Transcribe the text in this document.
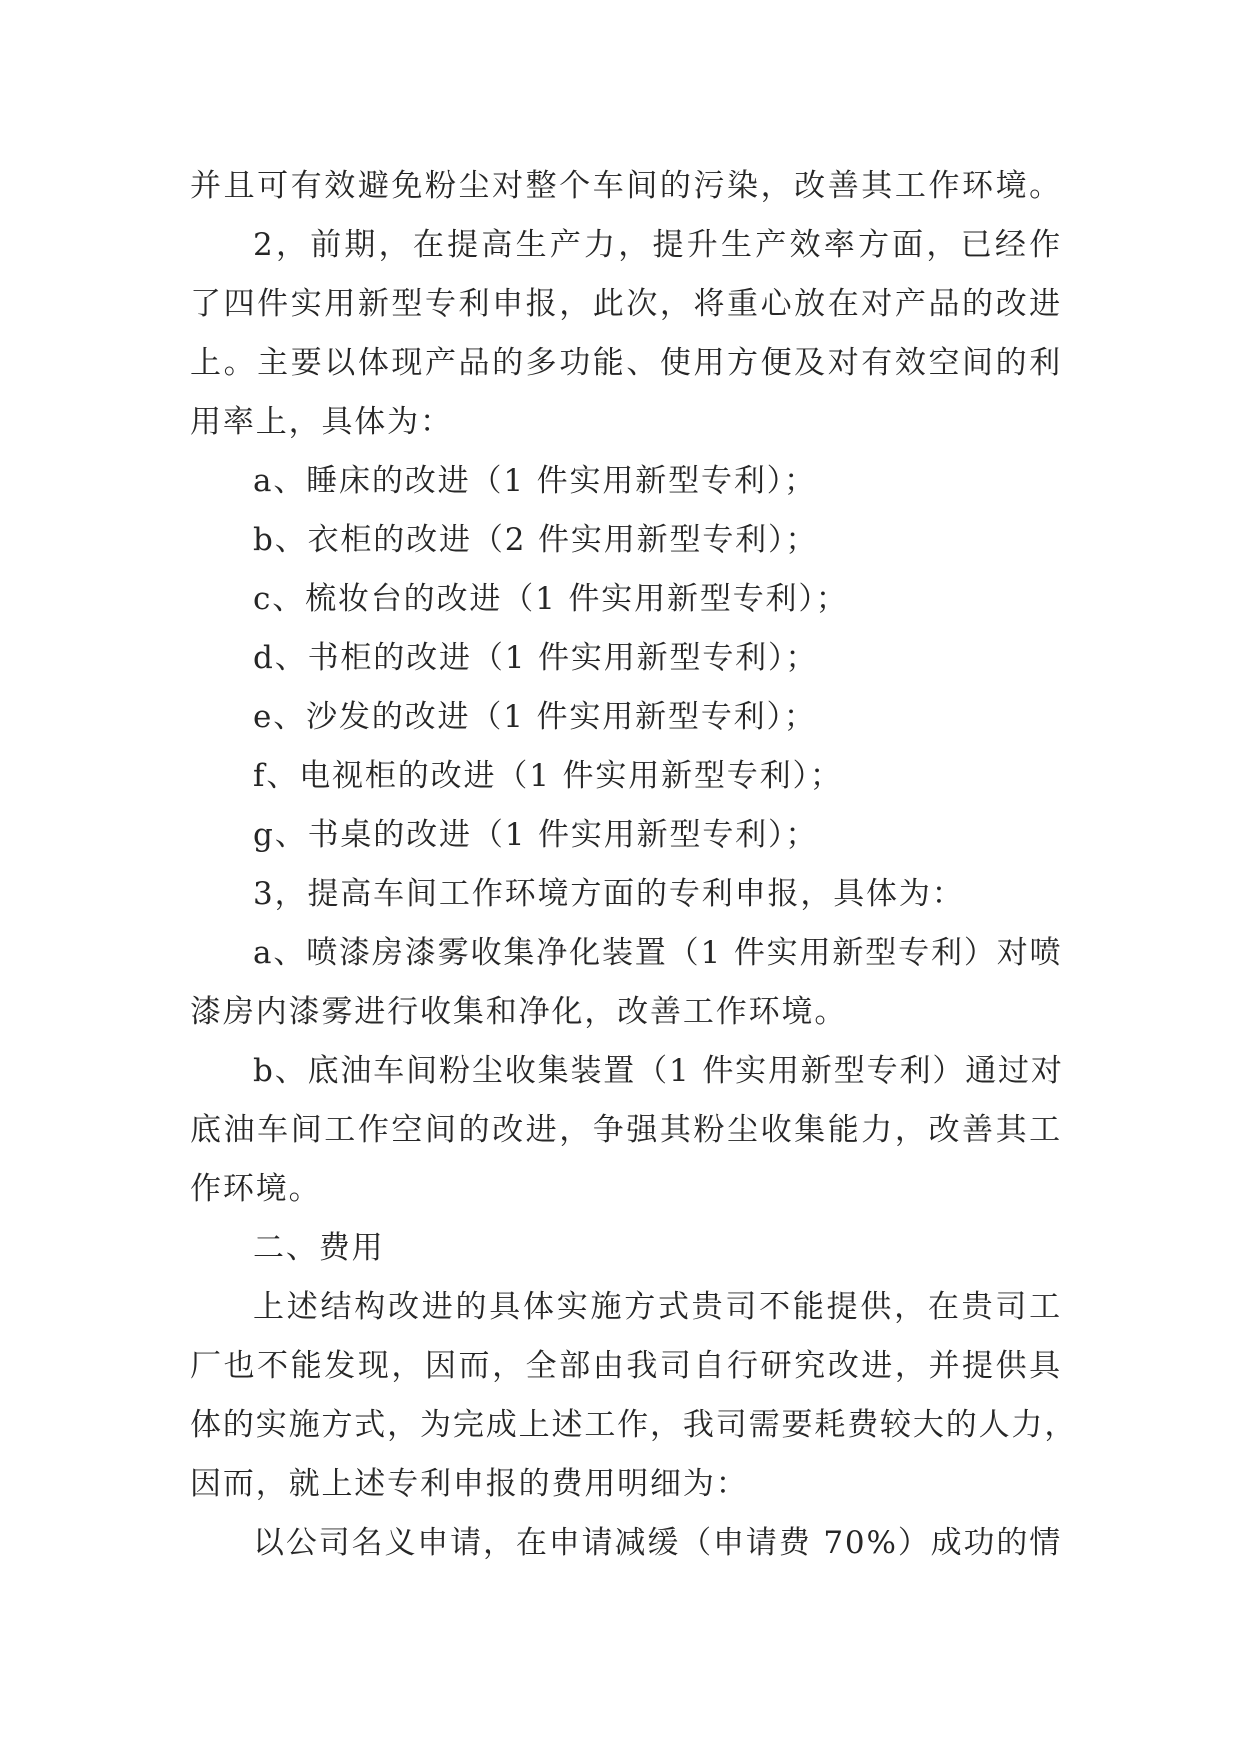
并且可有效避免粉尘对整个车间的污染，改善其工作环境。
2，前期，在提高生产力，提升生产效率方面，已经作
了四件实用新型专利申报，此次，将重心放在对产品的改进
上。主要以体现产品的多功能、使用方便及对有效空间的利
用率上，具体为：
a、睡床的改进（1 件实用新型专利）；
b、衣柜的改进（2 件实用新型专利）；
c、梳妆台的改进（1 件实用新型专利）；
d、书柜的改进（1 件实用新型专利）；
e、沙发的改进（1 件实用新型专利）；
f、电视柜的改进（1 件实用新型专利）；
g、书桌的改进（1 件实用新型专利）；
3，提高车间工作环境方面的专利申报，具体为：
a、喷漆房漆雾收集净化装置（1 件实用新型专利）对喷
漆房内漆雾进行收集和净化，改善工作环境。
b、底油车间粉尘收集装置（1 件实用新型专利）通过对
底油车间工作空间的改进，争强其粉尘收集能力，改善其工
作环境。
二、费用
上述结构改进的具体实施方式贵司不能提供，在贵司工
厂也不能发现，因而，全部由我司自行研究改进，并提供具
体的实施方式，为完成上述工作，我司需要耗费较大的人力，
因而，就上述专利申报的费用明细为：
以公司名义申请，在申请减缓（申请费 70%）成功的情
